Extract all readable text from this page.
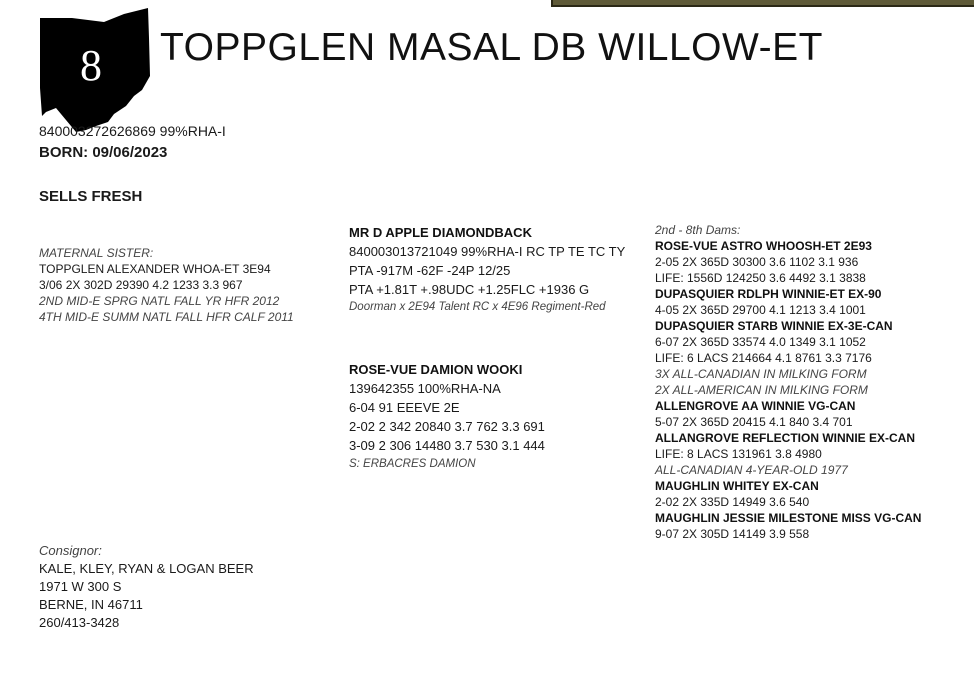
8	TOPPGLEN MASAL DB WILLOW-ET
840003272626869 99%RHA-I
BORN: 09/06/2023
SELLS FRESH
MATERNAL SISTER:
TOPPGLEN ALEXANDER WHOA-ET 3E94
3/06 2X 302D 29390 4.2 1233 3.3 967
2ND MID-E SPRG NATL FALL YR HFR 2012
4TH MID-E SUMM NATL FALL HFR CALF 2011
MR D APPLE DIAMONDBACK
840003013721049 99%RHA-I RC TP TE TC TY
PTA -917M -62F -24P 12/25
PTA +1.81T +.98UDC +1.25FLC +1936 G
Doorman x 2E94 Talent RC x 4E96 Regiment-Red
ROSE-VUE DAMION WOOKI
139642355 100%RHA-NA
6-04 91 EEEVE 2E
2-02 2 342 20840 3.7 762 3.3 691
3-09 2 306 14480 3.7 530 3.1 444
S: ERBACRES DAMION
2nd - 8th Dams:
ROSE-VUE ASTRO WHOOSH-ET 2E93
2-05 2X 365D 30300 3.6 1102 3.1 936
LIFE: 1556D 124250 3.6 4492 3.1 3838
DUPASQUIER RDLPH WINNIE-ET EX-90
4-05 2X 365D 29700 4.1 1213 3.4 1001
DUPASQUIER STARB WINNIE EX-3E-CAN
6-07 2X 365D 33574 4.0 1349 3.1 1052
LIFE: 6 LACS 214664 4.1 8761 3.3 7176
3X ALL-CANADIAN IN MILKING FORM
2X ALL-AMERICAN IN MILKING FORM
ALLENGROVE AA WINNIE VG-CAN
5-07 2X 365D 20415 4.1 840 3.4 701
ALLANGROVE REFLECTION WINNIE EX-CAN
LIFE: 8 LACS 131961 3.8 4980
ALL-CANADIAN 4-YEAR-OLD 1977
MAUGHLIN WHITEY EX-CAN
2-02 2X 335D 14949 3.6 540
MAUGHLIN JESSIE MILESTONE MISS VG-CAN
9-07 2X 305D 14149 3.9 558
Consignor:
KALE, KLEY, RYAN & LOGAN BEER
1971 W 300 S
BERNE, IN 46711
260/413-3428
